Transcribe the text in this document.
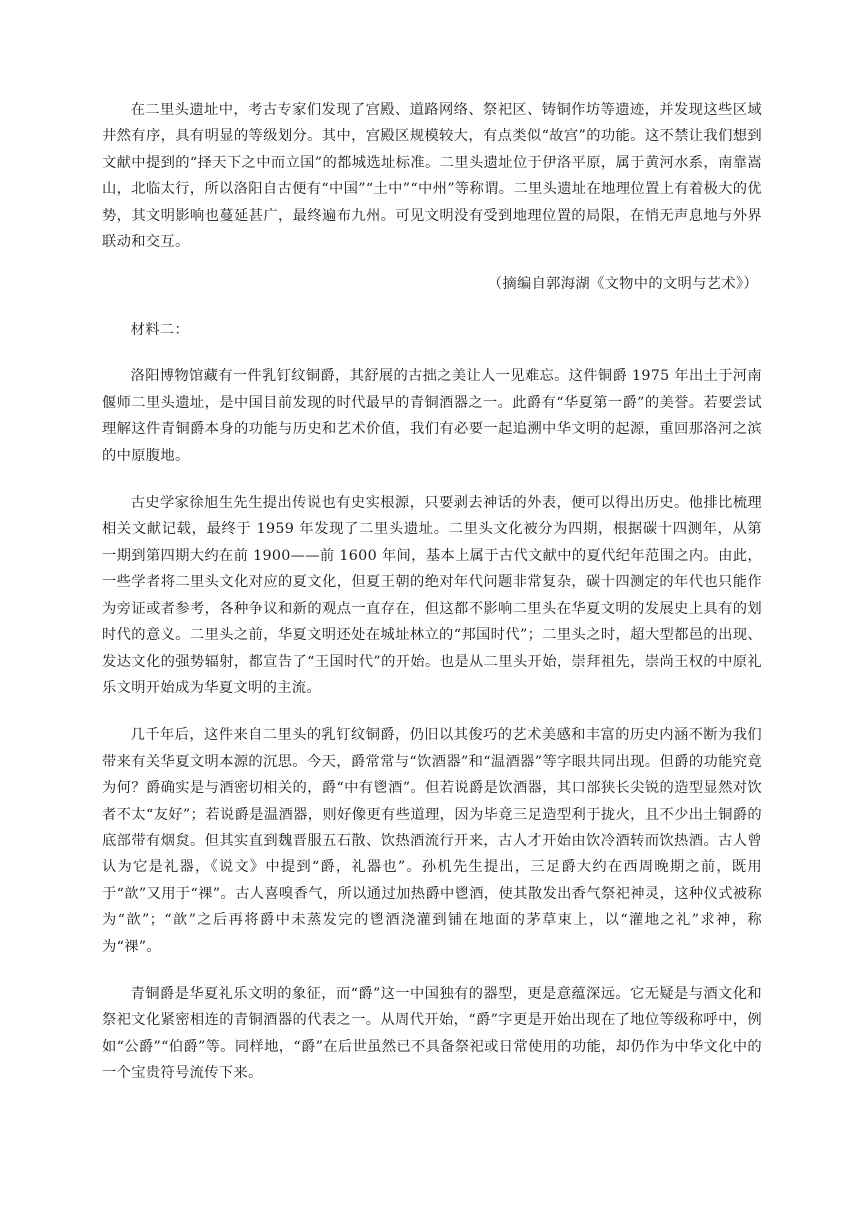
在二里头遗址中，考古专家们发现了宫殿、道路网络、祭祀区、铸铜作坊等遗迹，并发现这些区域井然有序，具有明显的等级划分。其中，宫殿区规模较大，有点类似“故宫”的功能。这不禁让我们想到文献中提到的“择天下之中而立国”的都城选址标准。二里头遗址位于伊洛平原，属于黄河水系，南靠嵩山，北临太行，所以洛阳自古便有“中国”“土中”“中州”等称谓。二里头遗址在地理位置上有着极大的优势，其文明影响也蔓延甚广，最终遍布九州。可见文明没有受到地理位置的局限，在悄无声息地与外界联动和交互。

（摘编自郭海湖《文物中的文明与艺术》）

材料二：

洛阳博物馆藏有一件乳钉纹铜爵，其舒展的古拙之美让人一见难忘。这件铜爵 1975 年出土于河南偃师二里头遗址，是中国目前发现的时代最早的青铜酒器之一。此爵有“华夏第一爵”的美誉。若要尝试理解这件青铜爵本身的功能与历史和艺术价值，我们有必要一起追溯中华文明的起源，重回那洛河之滨的中原腹地。

古史学家徐旭生先生提出传说也有史实根源，只要剥去神话的外表，便可以得出历史。他排比梳理相关文献记载，最终于 1959 年发现了二里头遗址。二里头文化被分为四期，根据碳十四测年，从第一期到第四期大约在前 1900——前 1600 年间，基本上属于古代文献中的夏代纪年范围之内。由此，一些学者将二里头文化对应的夏文化，但夏王朝的绝对年代问题非常复杂，碳十四测定的年代也只能作为旁证或者参考，各种争议和新的观点一直存在，但这都不影响二里头在华夏文明的发展史上具有的划时代的意义。二里头之前，华夏文明还处在城址林立的“邦国时代”；二里头之时，超大型都邑的出现、发达文化的强势辐射，都宣告了“王国时代”的开始。也是从二里头开始，崇拜祖先，崇尚王权的中原礼乐文明开始成为华夏文明的主流。

几千年后，这件来自二里头的乳钉纹铜爵，仍旧以其俊巧的艺术美感和丰富的历史内涵不断为我们带来有关华夏文明本源的沉思。今天，爵常常与“饮酒器”和“温酒器”等字眼共同出现。但爵的功能究竟为何？爵确实是与酒密切相关的，爵“中有鬯酒”。但若说爵是饮酒器，其口部狭长尖锐的造型显然对饮者不太“友好”；若说爵是温酒器，则好像更有些道理，因为毕竟三足造型利于拢火，且不少出土铜爵的底部带有烟炱。但其实直到魏晋服五石散、饮热酒流行开来，古人才开始由饮冷酒转而饮热酒。古人曾认为它是礼器，《说文》中提到“爵，礼器也”。孙机先生提出，三足爵大约在西周晚期之前，既用于“歆”又用于“祼”。古人喜嗅香气，所以通过加热爵中鬯酒，使其散发出香气祭祀神灵，这种仪式被称为“歆”；“歆”之后再将爵中未蒸发完的鬯酒浇灌到铺在地面的茅草束上，以“灌地之礼”求神，称为“祼”。

青铜爵是华夏礼乐文明的象征，而“爵”这一中国独有的器型，更是意蕴深远。它无疑是与酒文化和祭祀文化紧密相连的青铜酒器的代表之一。从周代开始，“爵”字更是开始出现在了地位等级称呼中，例如“公爵”“伯爵”等。同样地，“爵”在后世虽然已不具备祭祀或日常使用的功能，却仍作为中华文化中的一个宝贵符号流传下来。
